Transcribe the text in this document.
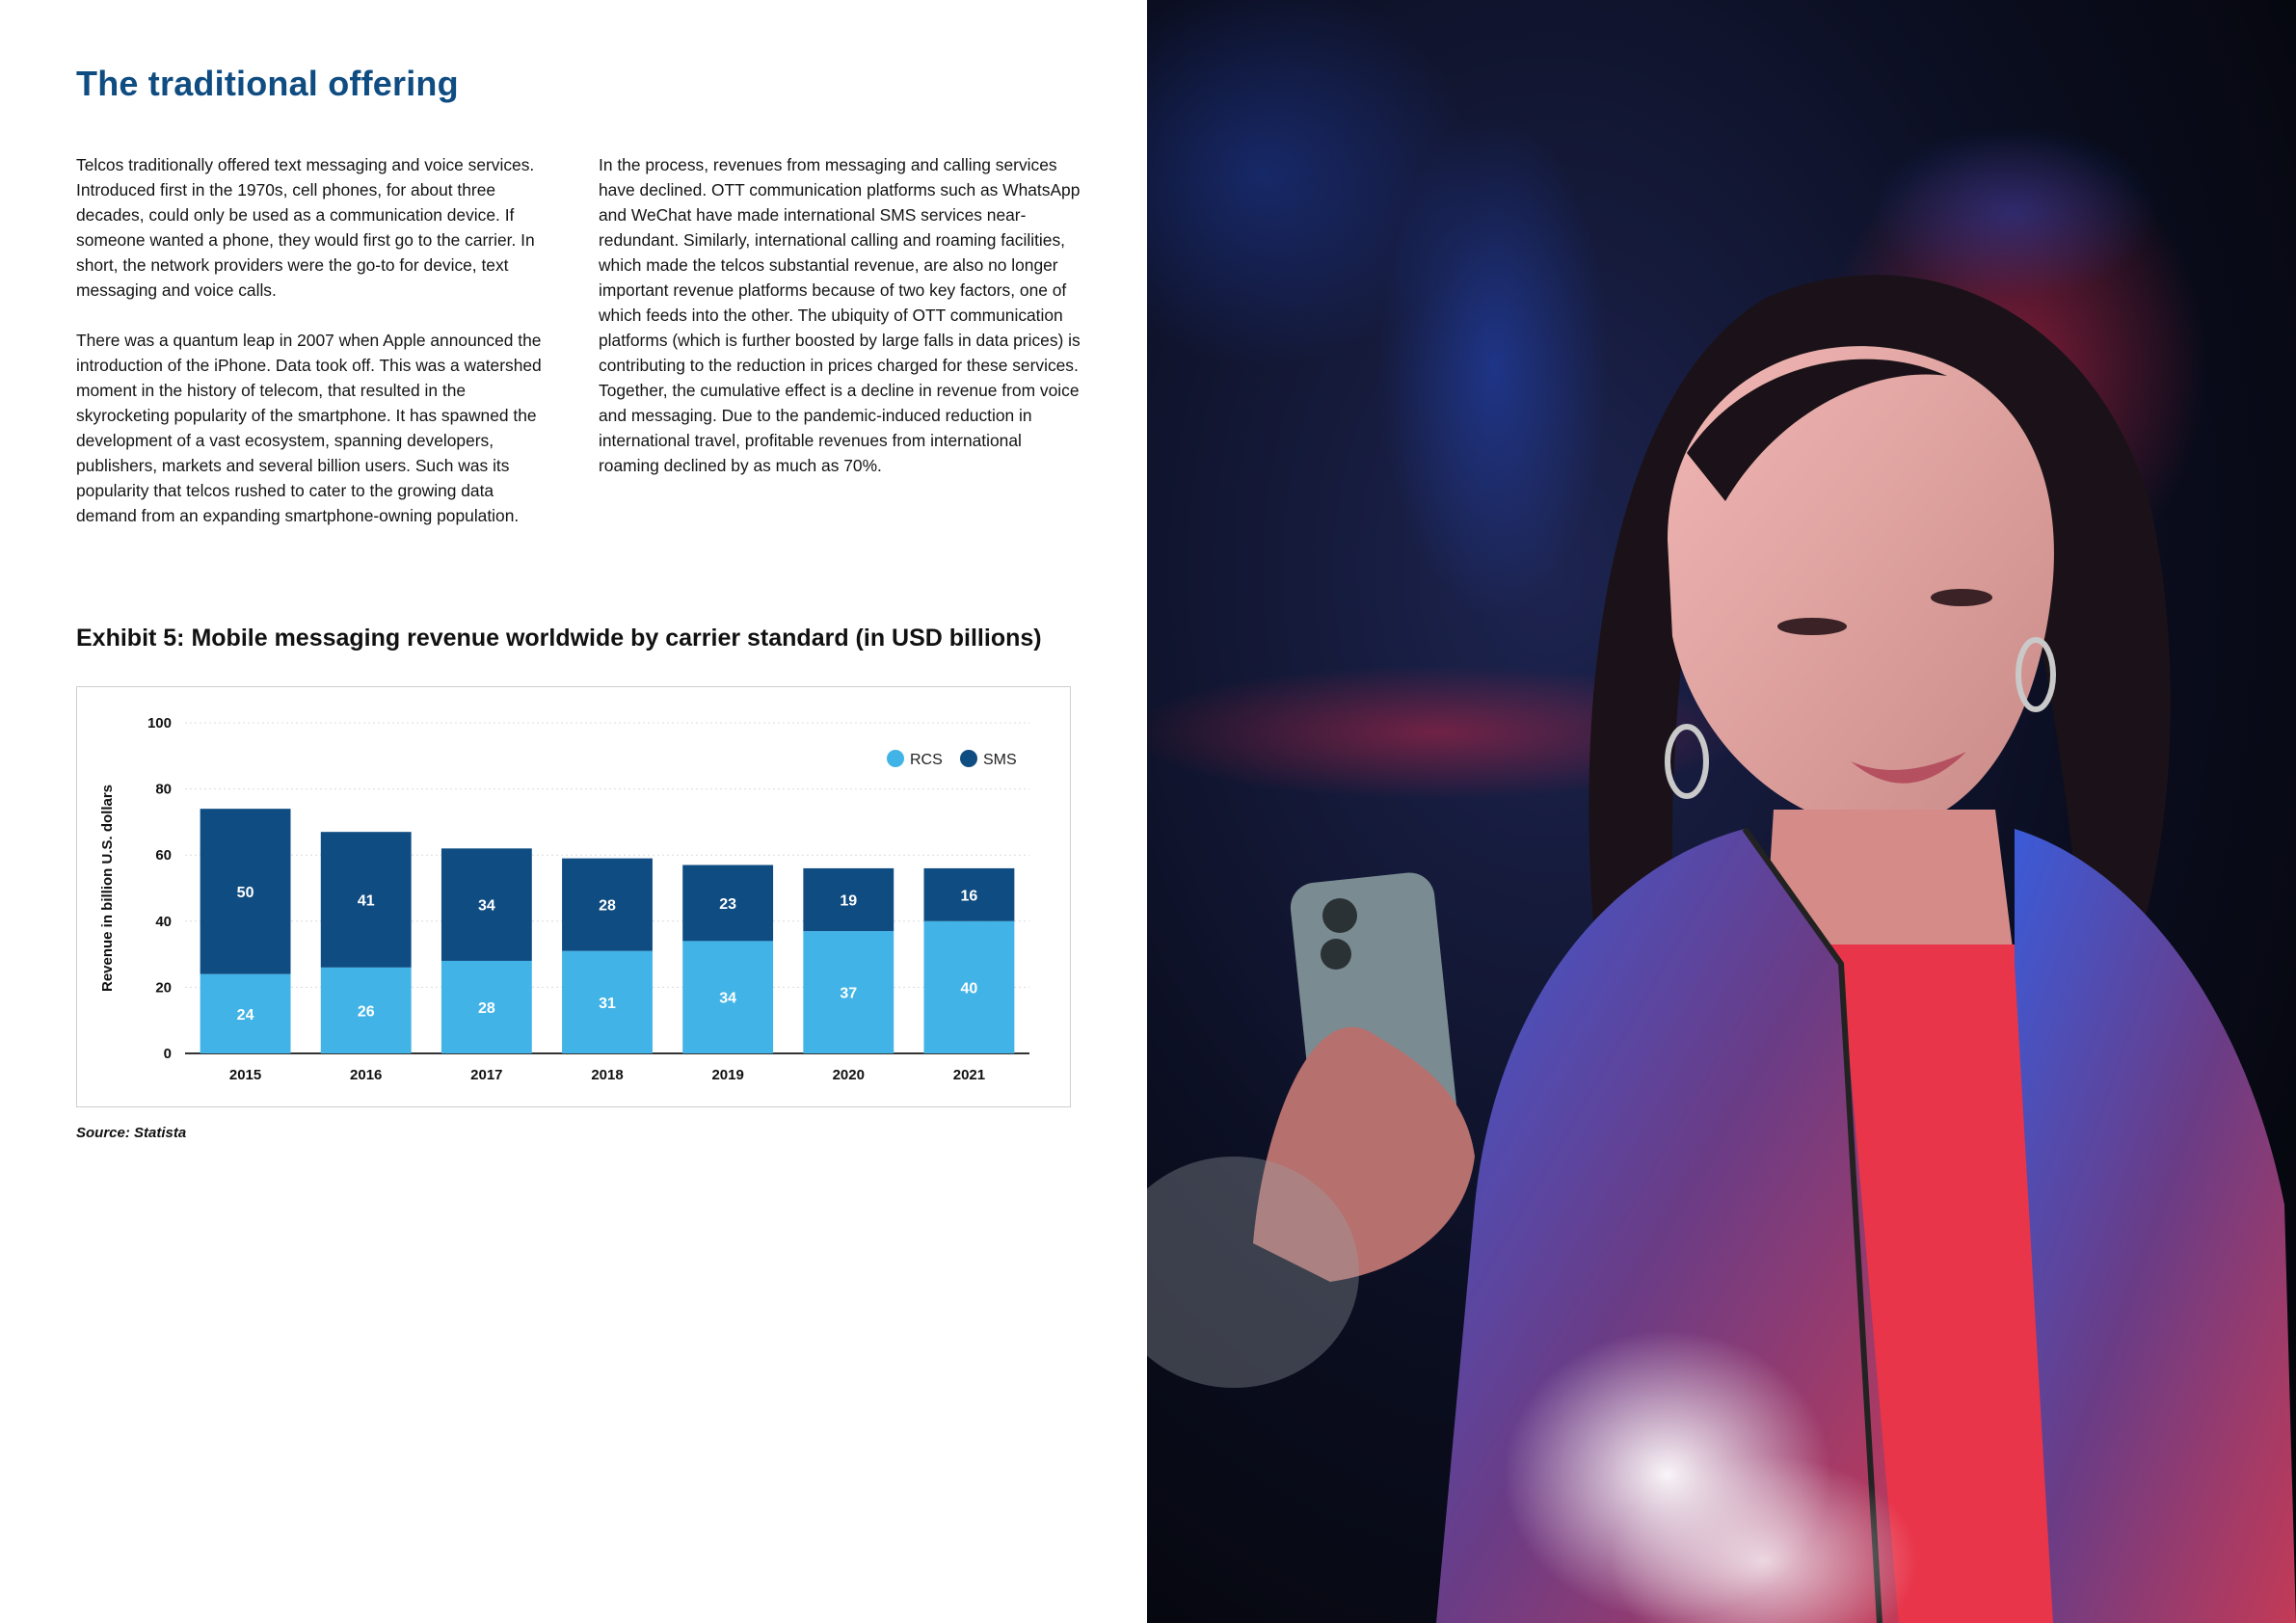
The traditional offering

Telcos traditionally offered text messaging and voice services. Introduced first in the 1970s, cell phones, for about three decades, could only be used as a communication device. If someone wanted a phone, they would first go to the carrier. In short, the network providers were the go-to for device, text messaging and voice calls.

There was a quantum leap in 2007 when Apple announced the introduction of the iPhone. Data took off. This was a watershed moment in the history of telecom, that resulted in the skyrocketing popularity of the smartphone. It has spawned the development of a vast ecosystem, spanning developers, publishers, markets and several billion users. Such was its popularity that telcos rushed to cater to the growing data demand from an expanding smartphone-owning population.

In the process, revenues from messaging and calling services have declined. OTT communication platforms such as WhatsApp and WeChat have made international SMS services near-redundant. Similarly, international calling and roaming facilities, which made the telcos substantial revenue, are also no longer important revenue platforms because of two key factors, one of which feeds into the other. The ubiquity of OTT communication platforms (which is further boosted by large falls in data prices) is contributing to the reduction in prices charged for these services. Together, the cumulative effect is a decline in revenue from voice and messaging. Due to the pandemic-induced reduction in international travel, profitable revenues from international roaming declined by as much as 70%.

Exhibit 5: Mobile messaging revenue worldwide by carrier standard (in USD billions)
0
20
40
60
80
100
Revenue in billion U.S. dollars
24
50
2015
26
41
2016
28
34
2017
31
28
2018
34
23
2019
37
19
2020
40
16
2021
RCS	SMS
Source: Statista
